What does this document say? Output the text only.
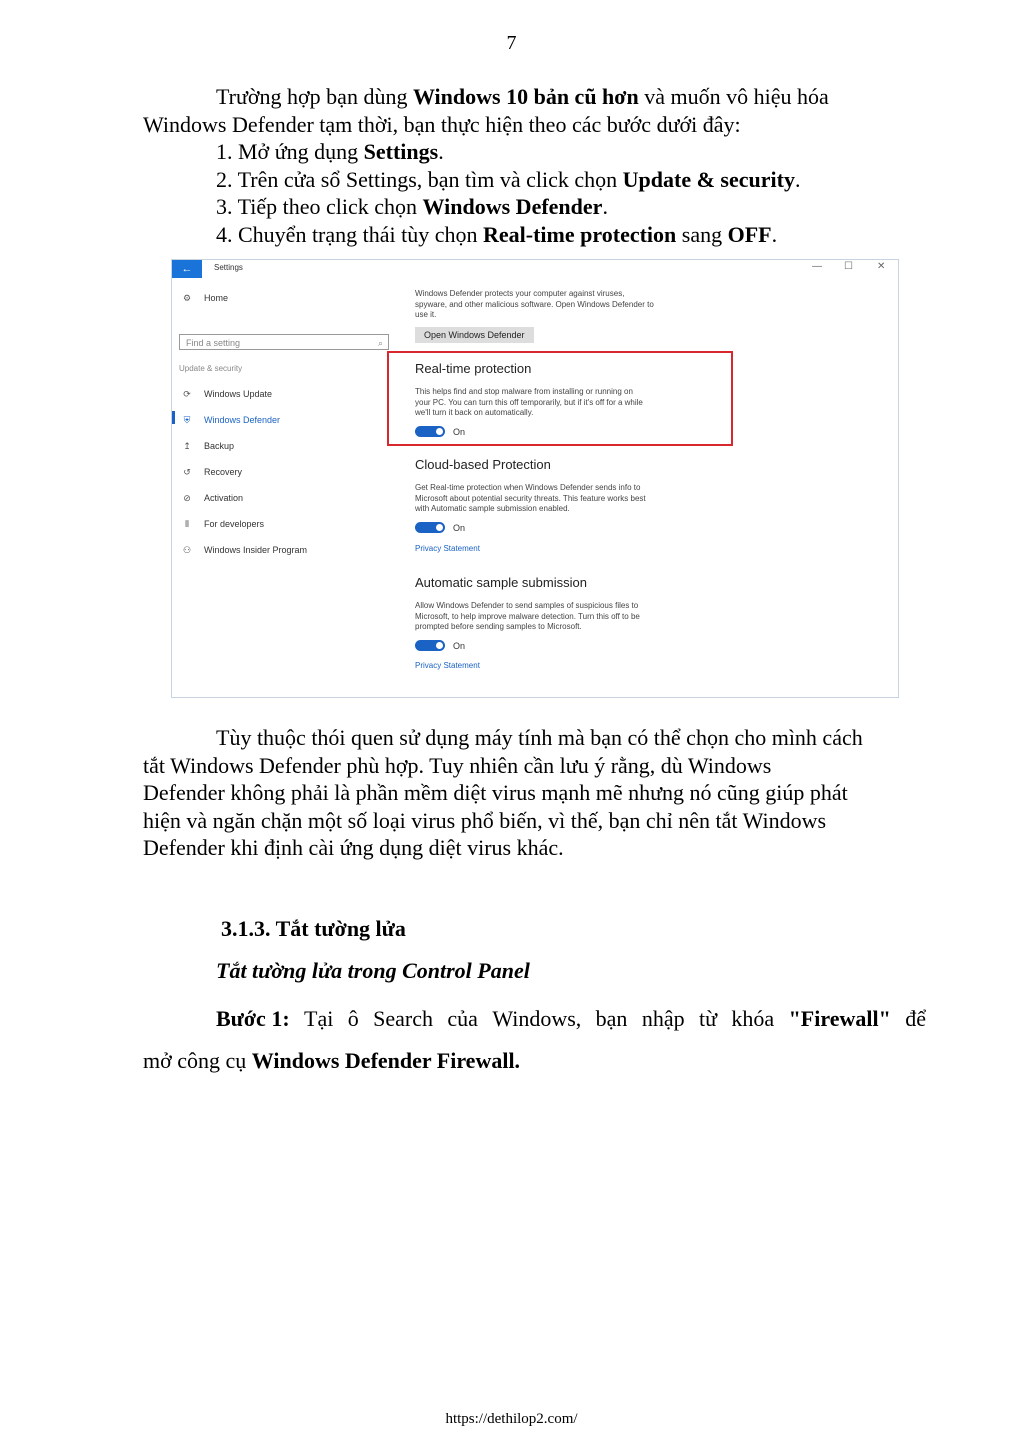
7
Trường hợp bạn dùng Windows 10 bản cũ hơn và muốn vô hiệu hóa
Windows Defender tạm thời, bạn thực hiện theo các bước dưới đây:
1. Mở ứng dụng Settings.
2. Trên cửa sổ Settings, bạn tìm và click chọn Update & security.
3. Tiếp theo click chọn Windows Defender.
4. Chuyển trạng thái tùy chọn Real-time protection sang OFF.
←	Settings	— ☐ ✕
⚙ Home
Find a setting	⌕
Update & security
⟳ Windows Update
⛨ Windows Defender
↥ Backup
↺ Recovery
⊘ Activation
⫴ For developers
⚇ Windows Insider Program
Windows Defender protects your computer against viruses,
spyware, and other malicious software. Open Windows Defender to
use it.
Open Windows Defender
Real-time protection
This helps find and stop malware from installing or running on
your PC. You can turn this off temporarily, but if it's off for a while
we'll turn it back on automatically.
On
Cloud-based Protection
Get Real-time protection when Windows Defender sends info to
Microsoft about potential security threats. This feature works best
with Automatic sample submission enabled.
On
Privacy Statement
Automatic sample submission
Allow Windows Defender to send samples of suspicious files to
Microsoft, to help improve malware detection. Turn this off to be
prompted before sending samples to Microsoft.
On
Privacy Statement
Tùy thuộc thói quen sử dụng máy tính mà bạn có thể chọn cho mình cách
tắt Windows Defender phù hợp. Tuy nhiên cần lưu ý rằng, dù Windows
Defender không phải là phần mềm diệt virus mạnh mẽ nhưng nó cũng giúp phát
hiện và ngăn chặn một số loại virus phổ biến, vì thế, bạn chỉ nên tắt Windows
Defender khi định cài ứng dụng diệt virus khác.
3.1.3. Tắt tường lửa
Tắt tường lửa trong Control Panel
Bước 1: Tại ô Search của Windows, bạn nhập từ khóa "Firewall" để
mở công cụ Windows Defender Firewall.
https://dethilop2.com/
